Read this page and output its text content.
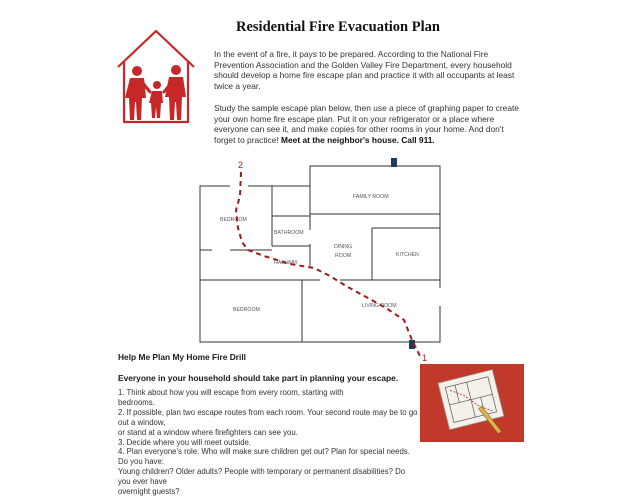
Residential Fire Evacuation Plan
In the event of a fire, it pays to be prepared. According to the National Fire Prevention Association and the Golden Valley Fire Department, every household should develop a home fire escape plan and practice it with all occupants at least twice a year.
Study the sample escape plan below, then use a piece of graphing paper to create your own home fire escape plan. Put it on your refrigerator or a place where everyone can see it, and make copies for other rooms in your home. And don't forget to practice! Meet at the neighbor's house. Call 911.
2
1
BEDROOM
BATHROOM
HALLWAY
FAMILY ROOM
DINING
ROOM	KITCHEN
BEDROOM
LIVING ROOM
Help Me Plan My Home Fire Drill
Everyone in your household should take part in planning your escape.
1. Think about how you will escape from every room, starting with
bedrooms.
2. If possible, plan two escape routes from each room. Your second route may be to go out a window,
or stand at a window where firefighters can see you.
3. Decide where you will meet outside.
4. Plan everyone's role. Who will make sure children get out? Plan for special needs. Do you have:
Young children? Older adults? People with temporary or permanent disabilities? Do you ever have
overnight guests?
